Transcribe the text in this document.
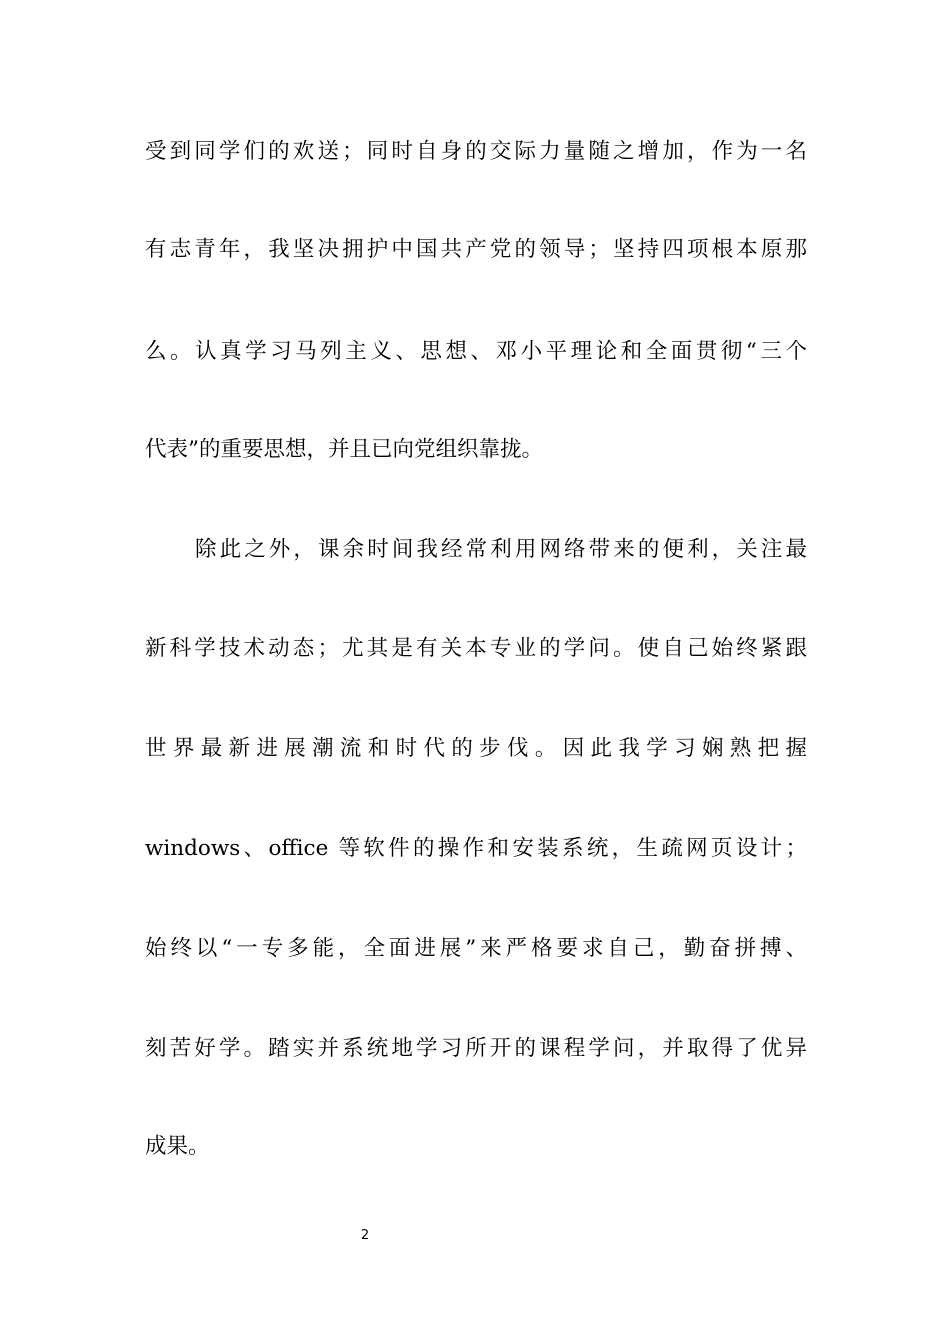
受到同学们的欢送；同时自身的交际力量随之增加，作为一名
有志青年，我坚决拥护中国共产党的领导；坚持四项根本原那
么。认真学习马列主义、思想、邓小平理论和全面贯彻“三个
代表”的重要思想，并且已向党组织靠拢。
除此之外，课余时间我经常利用网络带来的便利，关注最
新科学技术动态；尤其是有关本专业的学问。使自己始终紧跟
世界最新进展潮流和时代的步伐。因此我学习娴熟把握
windows、office 等软件的操作和安装系统，生疏网页设计；
始终以“一专多能，全面进展”来严格要求自己，勤奋拼搏、
刻苦好学。踏实并系统地学习所开的课程学问，并取得了优异
成果。
2
